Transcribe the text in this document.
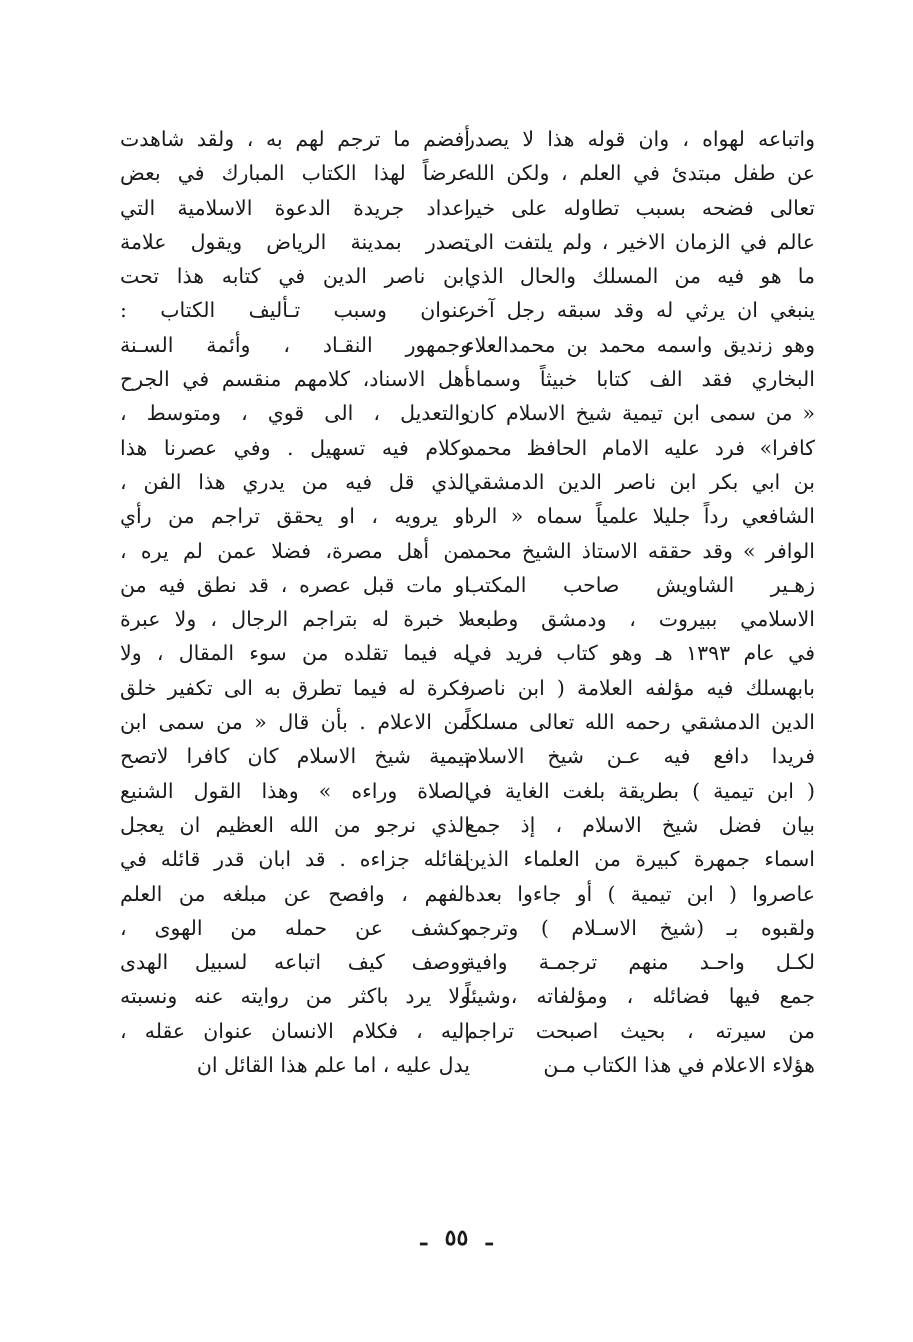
واتباعه لهواه ، وان قوله هذا لا يصدر
عن طفل مبتدئ في العلم ، ولكن الله
تعالى فضحه بسبب تطاوله على خير
عالم في الزمان الاخير ، ولم يلتفت الى
ما هو فيه من المسلك والحال الذي
ينبغي ان يرثي له وقد سبقه رجل آخر
وهو زنديق واسمه محمد بن محمدالعلاء
البخاري فقد الف كتابا خبيثاً وسماه
« من سمى ابن تيمية شيخ الاسلام كان
كافرا» فرد عليه الامام الحافظ محمد
بن ابي بكر ابن ناصر الدين الدمشقي
الشافعي رداً جليلا علمياً سماه « الرد
الوافر » وقد حققه الاستاذ الشيخ محمد
زهـير الشاويش صاحب المكتب
الاسلامي ببيروت ، ودمشق وطبعه
في عام ١٣٩٣ هـ وهو كتاب فريد في
بابهسلك فيه مؤلفه العلامة ( ابن ناصر
الدين الدمشقي رحمه الله تعالى مسلكاً
فريدا دافع فيه عـن شيخ الاسلام
( ابن تيمية ) بطريقة بلغت الغاية في
بيان فضل شيخ الاسلام ، إذ جمع
اسماء جمهرة كبيرة من العلماء الذين
عاصروا ( ابن تيمية ) أو جاءوا بعده
ولقبوه بـ (شيخ الاسـلام ) وترجم
لكـل واحـد منهم ترجمـة وافية
جمع فيها فضائله ، ومؤلفاته ،وشيئاً
من سيرته ، بحيث اصبحت تراجم
هؤلاء الاعلام في هذا الكتاب مـن
أفضم ما ترجم لهم به ، ولقد شاهدت
عرضاً لهذا الكتاب المبارك في بعض
اعداد جريدة الدعوة الاسلامية التي
تصدر بمدينة الرياض ويقول علامة
ابن ناصر الدين في كتابه هذا تحت
عنوان وسبب تـأليف الكتاب :
وجمهور النقـاد ، وأئمة السـنة
أهل الاسناد، كلامهم منقسم في الجرح
والتعديل ، الى قوي ، ومتوسط ،
وكلام فيه تسهيل . وفي عصرنا هذا
الذي قل فيه من يدري هذا الفن ،
او يرويه ، او يحقق تراجم من رأي
من أهل مصرة، فضلا عمن لم يره ،
او مات قبل عصره ، قد نطق فيه من
لا خبرة له بتراجم الرجال ، ولا عبرة
له فيما تقلده من سوء المقال ، ولا
فكرة له فيما تطرق به الى تكفير خلق
من الاعلام . بأن قال « من سمى ابن
تيمية شيخ الاسلام كان كافرا لاتصح
الصلاة وراءه » وهذا القول الشنيع
الذي نرجو من الله العظيم ان يعجل
لقائله جزاءه . قد ابان قدر قائله في
الفهم ، وافصح عن مبلغه من العلم
وكشف عن حمله من الهوى ،
ووصف كيف اتباعه لسبيل الهدى
ولا يرد باكثر من روايته عنه ونسبته
اليه ، فكلام الانسان عنوان عقله ،
يدل عليه ، اما علم هذا القائل ان
ـ ٥٥ ـ
